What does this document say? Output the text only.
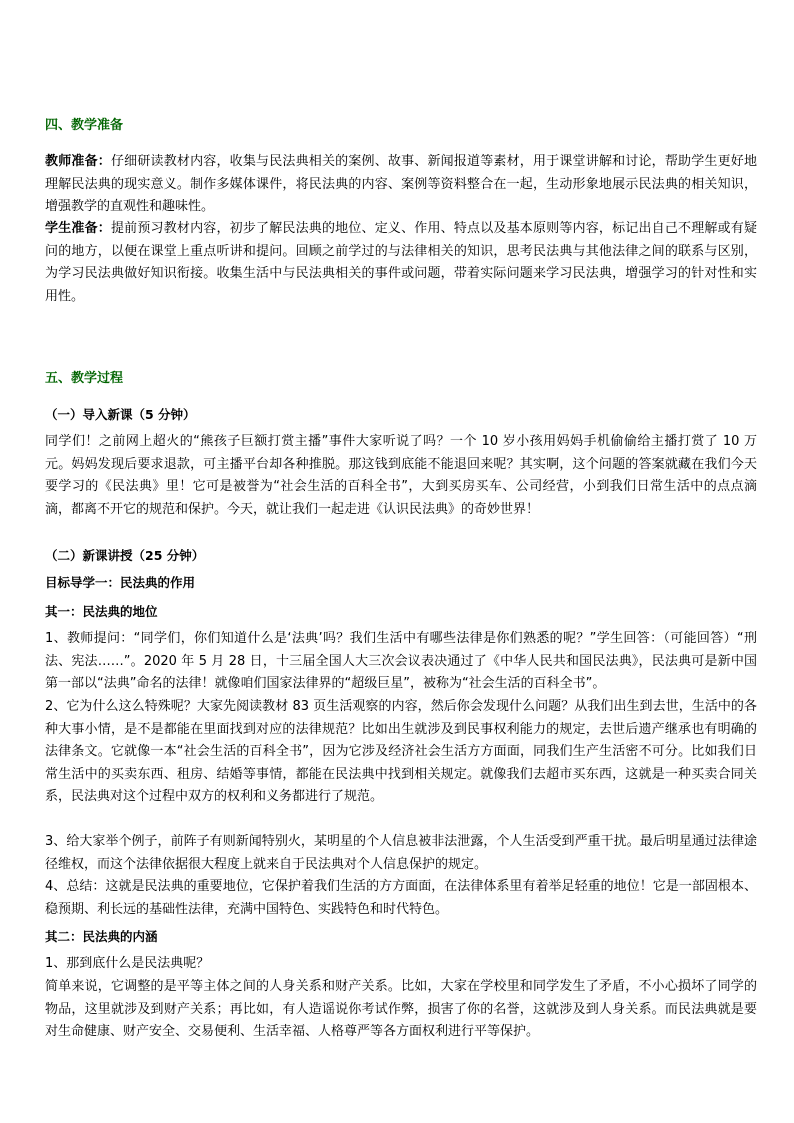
四、教学准备
教师准备：仔细研读教材内容，收集与民法典相关的案例、故事、新闻报道等素材，用于课堂讲解和讨论，帮助学生更好地理解民法典的现实意义。制作多媒体课件，将民法典的内容、案例等资料整合在一起，生动形象地展示民法典的相关知识，增强教学的直观性和趣味性。
学生准备：提前预习教材内容，初步了解民法典的地位、定义、作用、特点以及基本原则等内容，标记出自己不理解或有疑问的地方，以便在课堂上重点听讲和提问。回顾之前学过的与法律相关的知识，思考民法典与其他法律之间的联系与区别，为学习民法典做好知识衔接。收集生活中与民法典相关的事件或问题，带着实际问题来学习民法典，增强学习的针对性和实用性。
五、教学过程
（一）导入新课（5 分钟）
同学们！之前网上超火的“熊孩子巨额打赏主播”事件大家听说了吗？一个 10 岁小孩用妈妈手机偷偷给主播打赏了 10 万元。妈妈发现后要求退款，可主播平台却各种推脱。那这钱到底能不能退回来呢？其实啊，这个问题的答案就藏在我们今天要学习的《民法典》里！它可是被誉为“社会生活的百科全书”，大到买房买车、公司经营，小到我们日常生活中的点点滴滴，都离不开它的规范和保护。今天，就让我们一起走进《认识民法典》的奇妙世界！
（二）新课讲授（25 分钟）
目标导学一：民法典的作用
其一：民法典的地位
1、教师提问：“同学们，你们知道什么是‘法典’吗？我们生活中有哪些法律是你们熟悉的呢？”学生回答：（可能回答）“刑法、宪法……”。2020 年 5 月 28 日，十三届全国人大三次会议表决通过了《中华人民共和国民法典》，民法典可是新中国第一部以“法典”命名的法律！就像咱们国家法律界的“超级巨星”，被称为“社会生活的百科全书”。
2、它为什么这么特殊呢？大家先阅读教材 83 页生活观察的内容，然后你会发现什么问题？从我们出生到去世，生活中的各种大事小情，是不是都能在里面找到对应的法律规范？比如出生就涉及到民事权利能力的规定，去世后遗产继承也有明确的法律条文。它就像一本“社会生活的百科全书”，因为它涉及经济社会生活方方面面，同我们生产生活密不可分。比如我们日常生活中的买卖东西、租房、结婚等事情，都能在民法典中找到相关规定。就像我们去超市买东西，这就是一种买卖合同关系，民法典对这个过程中双方的权利和义务都进行了规范。
3、给大家举个例子，前阵子有则新闻特别火，某明星的个人信息被非法泄露，个人生活受到严重干扰。最后明星通过法律途径维权，而这个法律依据很大程度上就来自于民法典对个人信息保护的规定。
4、总结：这就是民法典的重要地位，它保护着我们生活的方方面面，在法律体系里有着举足轻重的地位！它是一部固根本、稳预期、利长远的基础性法律，充满中国特色、实践特色和时代特色。
其二：民法典的内涵
1、那到底什么是民法典呢？
简单来说，它调整的是平等主体之间的人身关系和财产关系。比如，大家在学校里和同学发生了矛盾，不小心损坏了同学的物品，这里就涉及到财产关系；再比如，有人造谣说你考试作弊，损害了你的名誉，这就涉及到人身关系。而民法典就是要对生命健康、财产安全、交易便利、生活幸福、人格尊严等各方面权利进行平等保护。
